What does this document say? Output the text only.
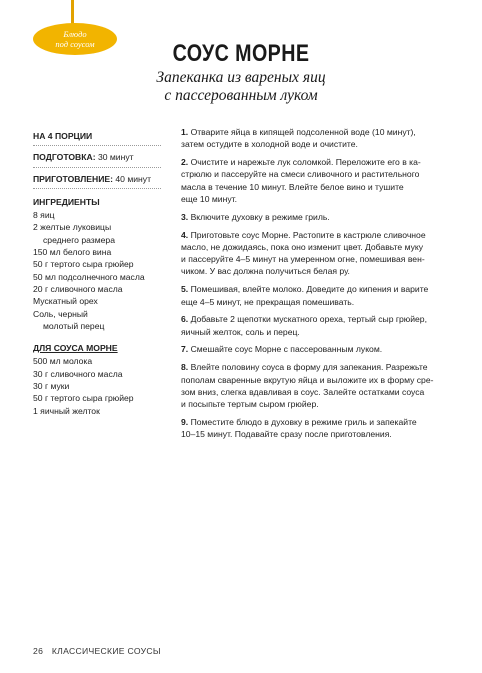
Блюдо
под соусом	СОУС МОРНЕ
Запеканка из вареных яиц
с пассерованным луком
НА 4 ПОРЦИИ
ПОДГОТОВКА: 30 минут
ПРИГОТОВЛЕНИЕ: 40 минут
ИНГРЕДИЕНТЫ
8 яиц
2 желтые луковицы
среднего размера
150 мл белого вина
50 г тертого сыра грюйер
50 мл подсолнечного масла
20 г сливочного масла
Мускатный орех
Соль, черный
молотый перец
ДЛЯ СОУСА МОРНЕ
500 мл молока
30 г сливочного масла
30 г муки
50 г тертого сыра грюйер
1 яичный желток
1. Отварите яйца в кипящей подсоленной воде (10 минут),
затем остудите в холодной воде и очистите.
2. Очистите и нарежьте лук соломкой. Переложите его в ка-
стрюлю и пассеруйте на смеси сливочного и растительного
масла в течение 10 минут. Влейте белое вино и тушите
еще 10 минут.
3. Включите духовку в режиме гриль.
4. Приготовьте соус Морне. Растопите в кастрюле сливочное
масло, не дожидаясь, пока оно изменит цвет. Добавьте муку
и пассеруйте 4–5 минут на умеренном огне, помешивая вен-
чиком. У вас должна получиться белая ру.
5. Помешивая, влейте молоко. Доведите до кипения и варите
еще 4–5 минут, не прекращая помешивать.
6. Добавьте 2 щепотки мускатного ореха, тертый сыр грюйер,
яичный желток, соль и перец.
7. Смешайте соус Морне с пассерованным луком.
8. Влейте половину соуса в форму для запекания. Разрежьте
пополам сваренные вкрутую яйца и выложите их в форму сре-
зом вниз, слегка вдавливая в соус. Залейте остатками соуса
и посыпьте тертым сыром грюйер.
9. Поместите блюдо в духовку в режиме гриль и запекайте
10–15 минут. Подавайте сразу после приготовления.
26 КЛАССИЧЕСКИЕ СОУСЫ
